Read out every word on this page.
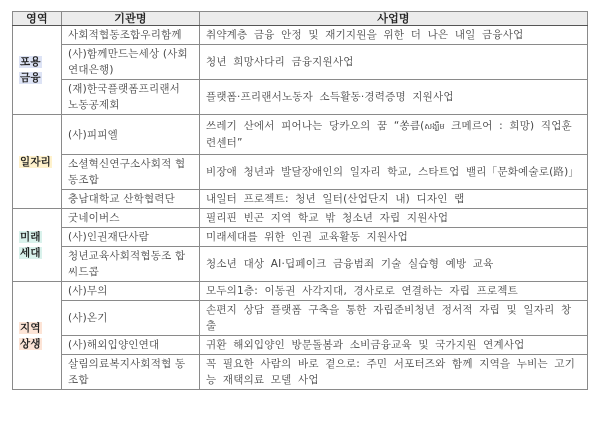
영역	기관명	사업명
포용
금융	사회적협동조합우리함께	취약계층 금융 안정 및 재기지원을 위한 더 나은 내일 금융사업
	(사)함께만드는세상 (사회연대은행)	청년 희망사다리 금융지원사업
	(재)한국플랫폼프리랜서 노동공제회	플랫폼·프리랜서노동자 소득활동·경력증명 지원사업
일자리	(사)피피엘	쓰레기 산에서 피어나는 당카오의 꿈 “쏭큼(សង្ឃឹម 크메르어 : 희망) 직업훈련센터”
	소셜혁신연구소사회적 협동조합	비장애 청년과 발달장애인의 일자리 학교, 스타트업 밸리「문화예술로(路)」
	충남대학교 산학협력단	내일터 프로젝트: 청년 일터(산업단지 내) 디자인 랩
미래
세대	굿네이버스	필리핀 빈곤 지역 학교 밖 청소년 자립 지원사업
	(사)인권재단사람	미래세대를 위한 인권 교육활동 지원사업
	청년교육사회적협동조 합씨드콥	청소년 대상 AI·딥페이크 금융범죄 기술 실습형 예방 교육
지역
상생	(사)무의	모두의1층: 이동권 사각지대, 경사로로 연결하는 자립 프로젝트
	(사)온기	손편지 상담 플랫폼 구축을 통한 자립준비청년 정서적 자립 및 일자리 창출
	(사)해외입양인연대	귀환 해외입양인 방문돌봄과 소비금융교육 및 국가지원 연계사업
	살림의료복지사회적협 동조합	꼭 필요한 사람의 바로 곁으로: 주민 서포터즈와 함께 지역을 누비는 고기능 재택의료 모델 사업
